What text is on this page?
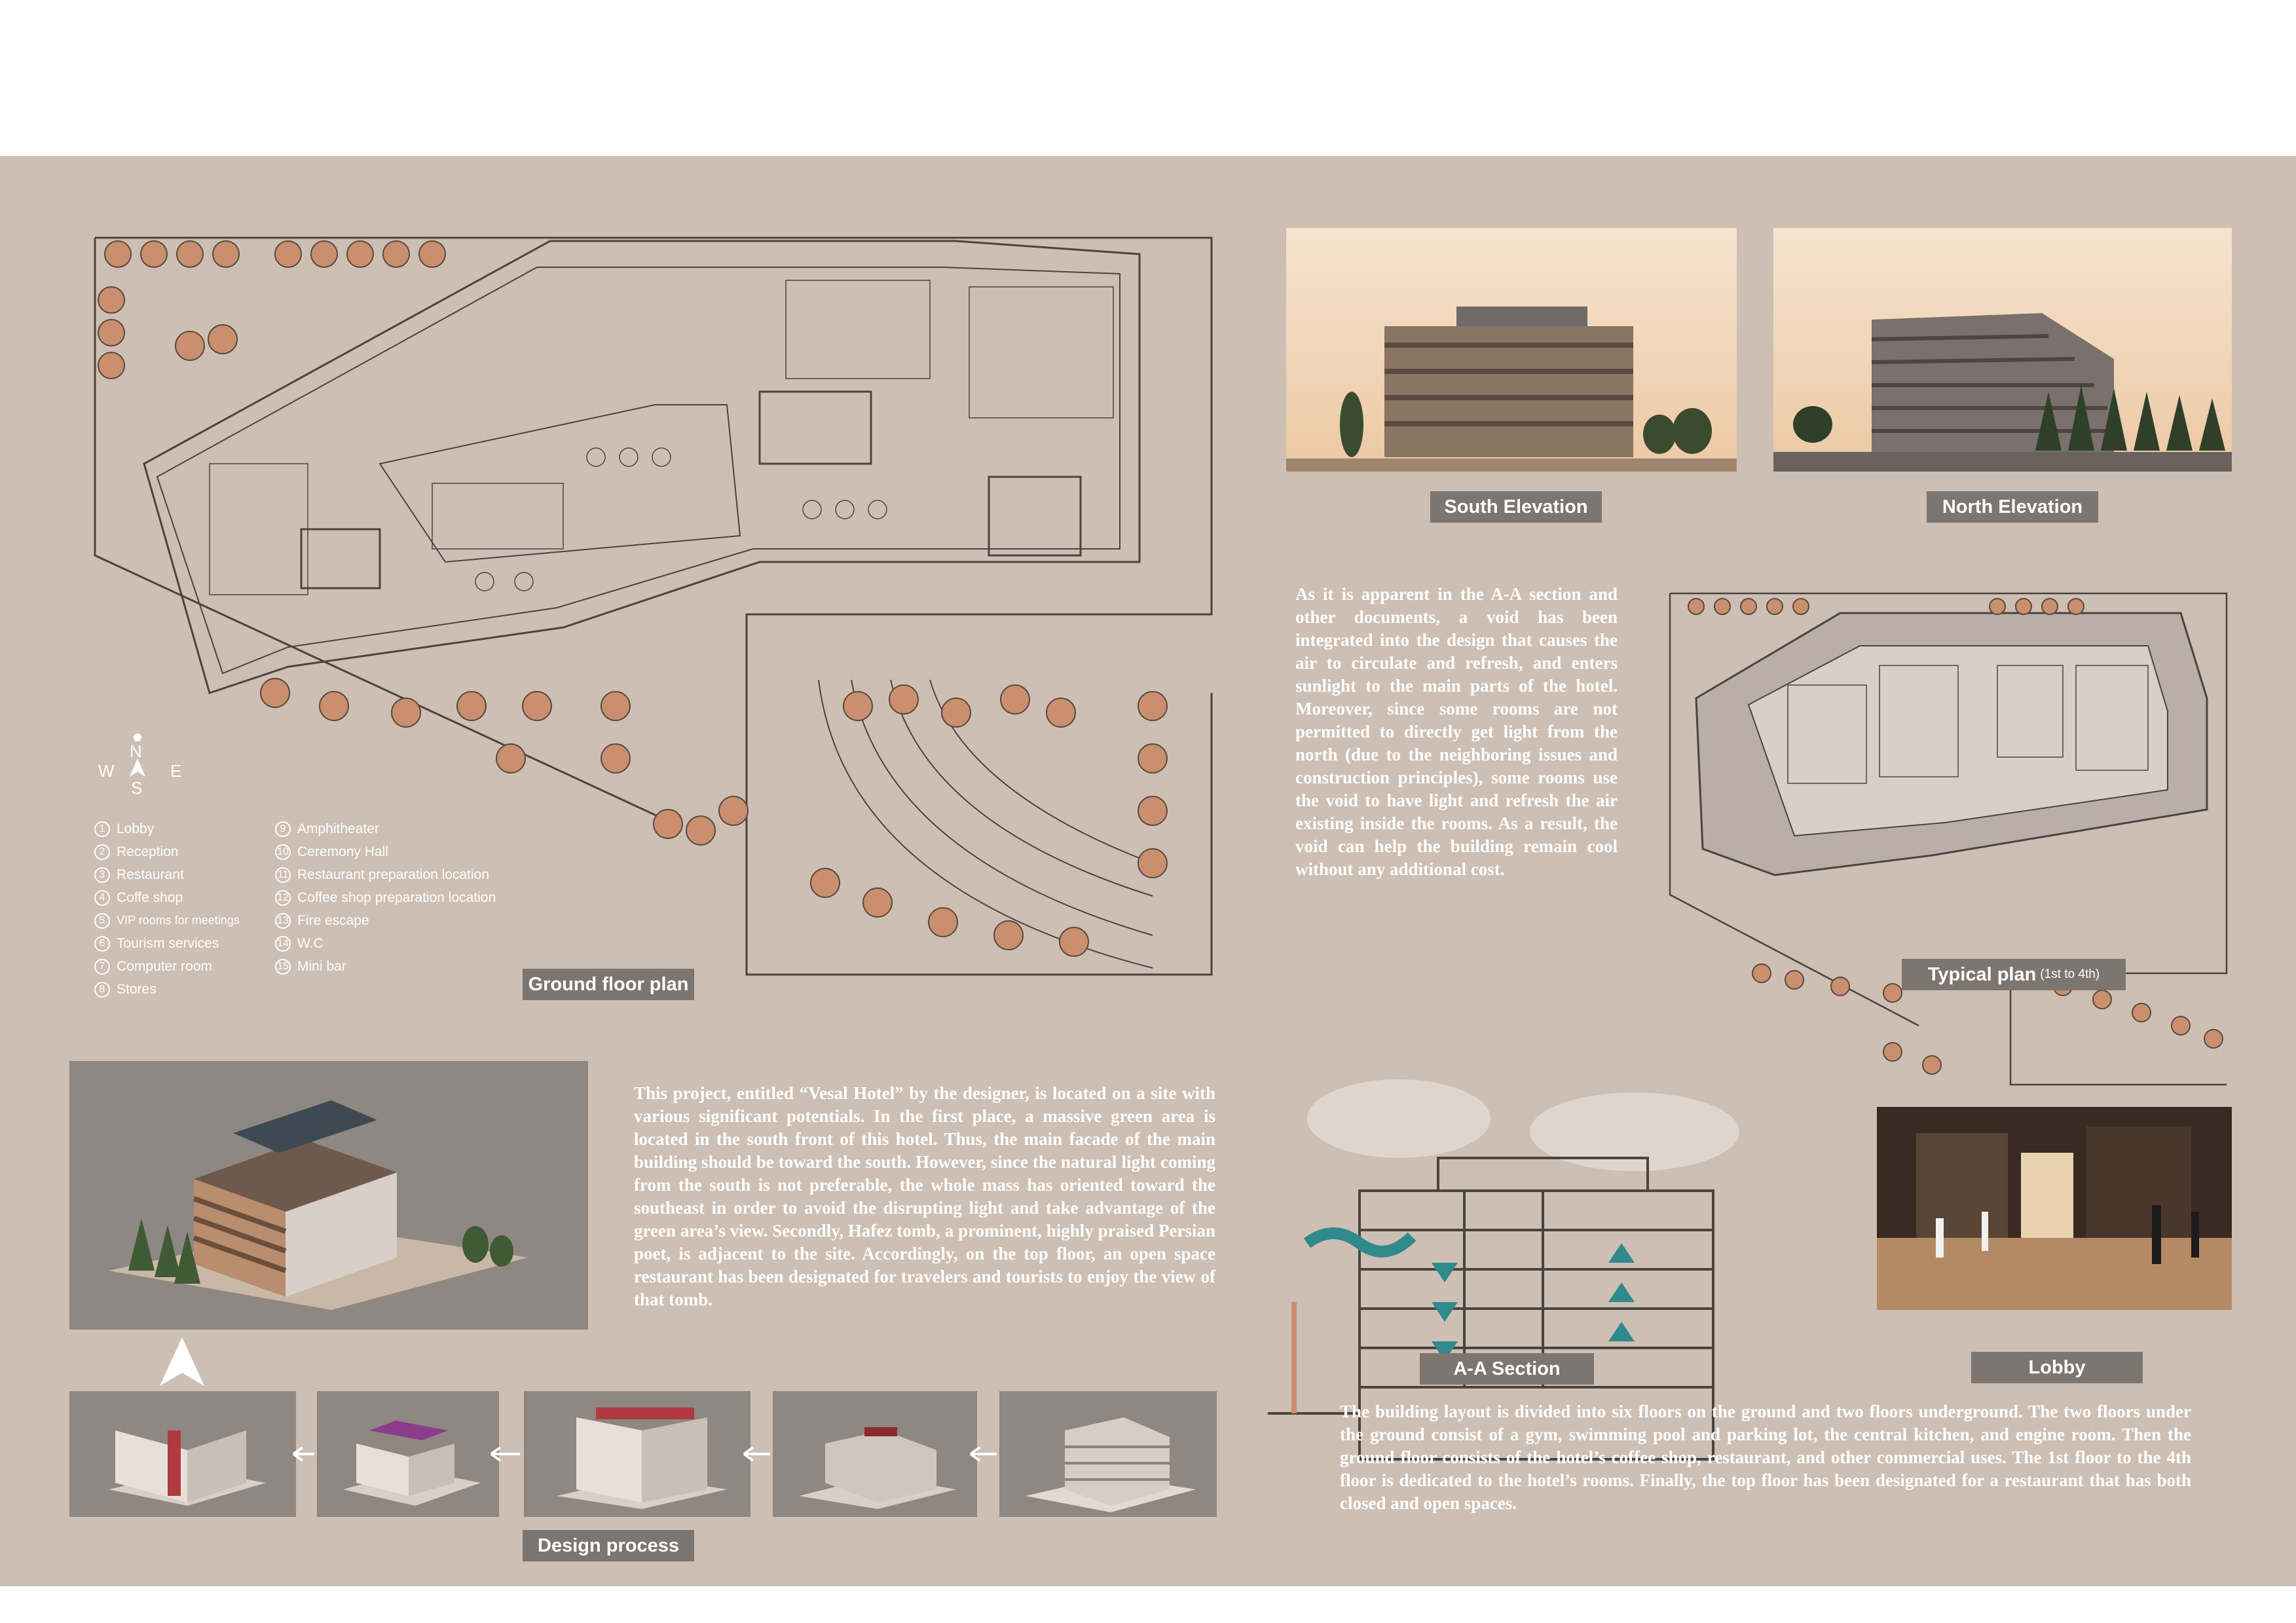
N
S
W	E
1 Lobby
2 Reception
3 Restaurant
4 Coffe shop
5 VIP rooms for meetings
6 Tourism services
7 Computer room
8 Stores
9 Amphitheater
10 Ceremony Hall
11 Restaurant preparation location
12 Coffee shop preparation location
13 Fire escape
14 W.C
15 Mini bar
Ground floor plan
South Elevation	North Elevation

As it is apparent in the A-A section and other documents, a void has been integrated into the design that causes the air to circulate and refresh, and enters sunlight to the main parts of the hotel. Moreover, since some rooms are not permitted to directly get light from the north (due to the neighboring issues and construction principles), some rooms use the void to have light and refresh the air existing inside the rooms. As a result, the void can help the building remain cool without any additional cost.

Typical plan (1st to 4th)

This project, entitled “Vesal Hotel” by the designer, is located on a site with various significant potentials. In the first place, a massive green area is located in the south front of this hotel. Thus, the main facade of the main building should be toward the south. However, since the natural light coming from the south is not preferable, the whole mass has oriented toward the southeast in order to avoid the disrupting light and take advantage of the green area’s view. Secondly, Hafez tomb, a prominent, highly praised Persian poet, is adjacent to the site. Accordingly, on the top floor, an open space restaurant has been designated for travelers and tourists to enjoy the view of that tomb.

Design process
A-A Section	Lobby

The building layout is divided into six floors on the ground and two floors underground. The two floors under the ground consist of a gym, swimming pool and parking lot, the central kitchen, and engine room. Then the ground floor consists of the hotel’s coffee shop, restaurant, and other commercial uses. The 1st floor to the 4th floor is dedicated to the hotel’s rooms. Finally, the top floor has been designated for a restaurant that has both closed and open spaces.
